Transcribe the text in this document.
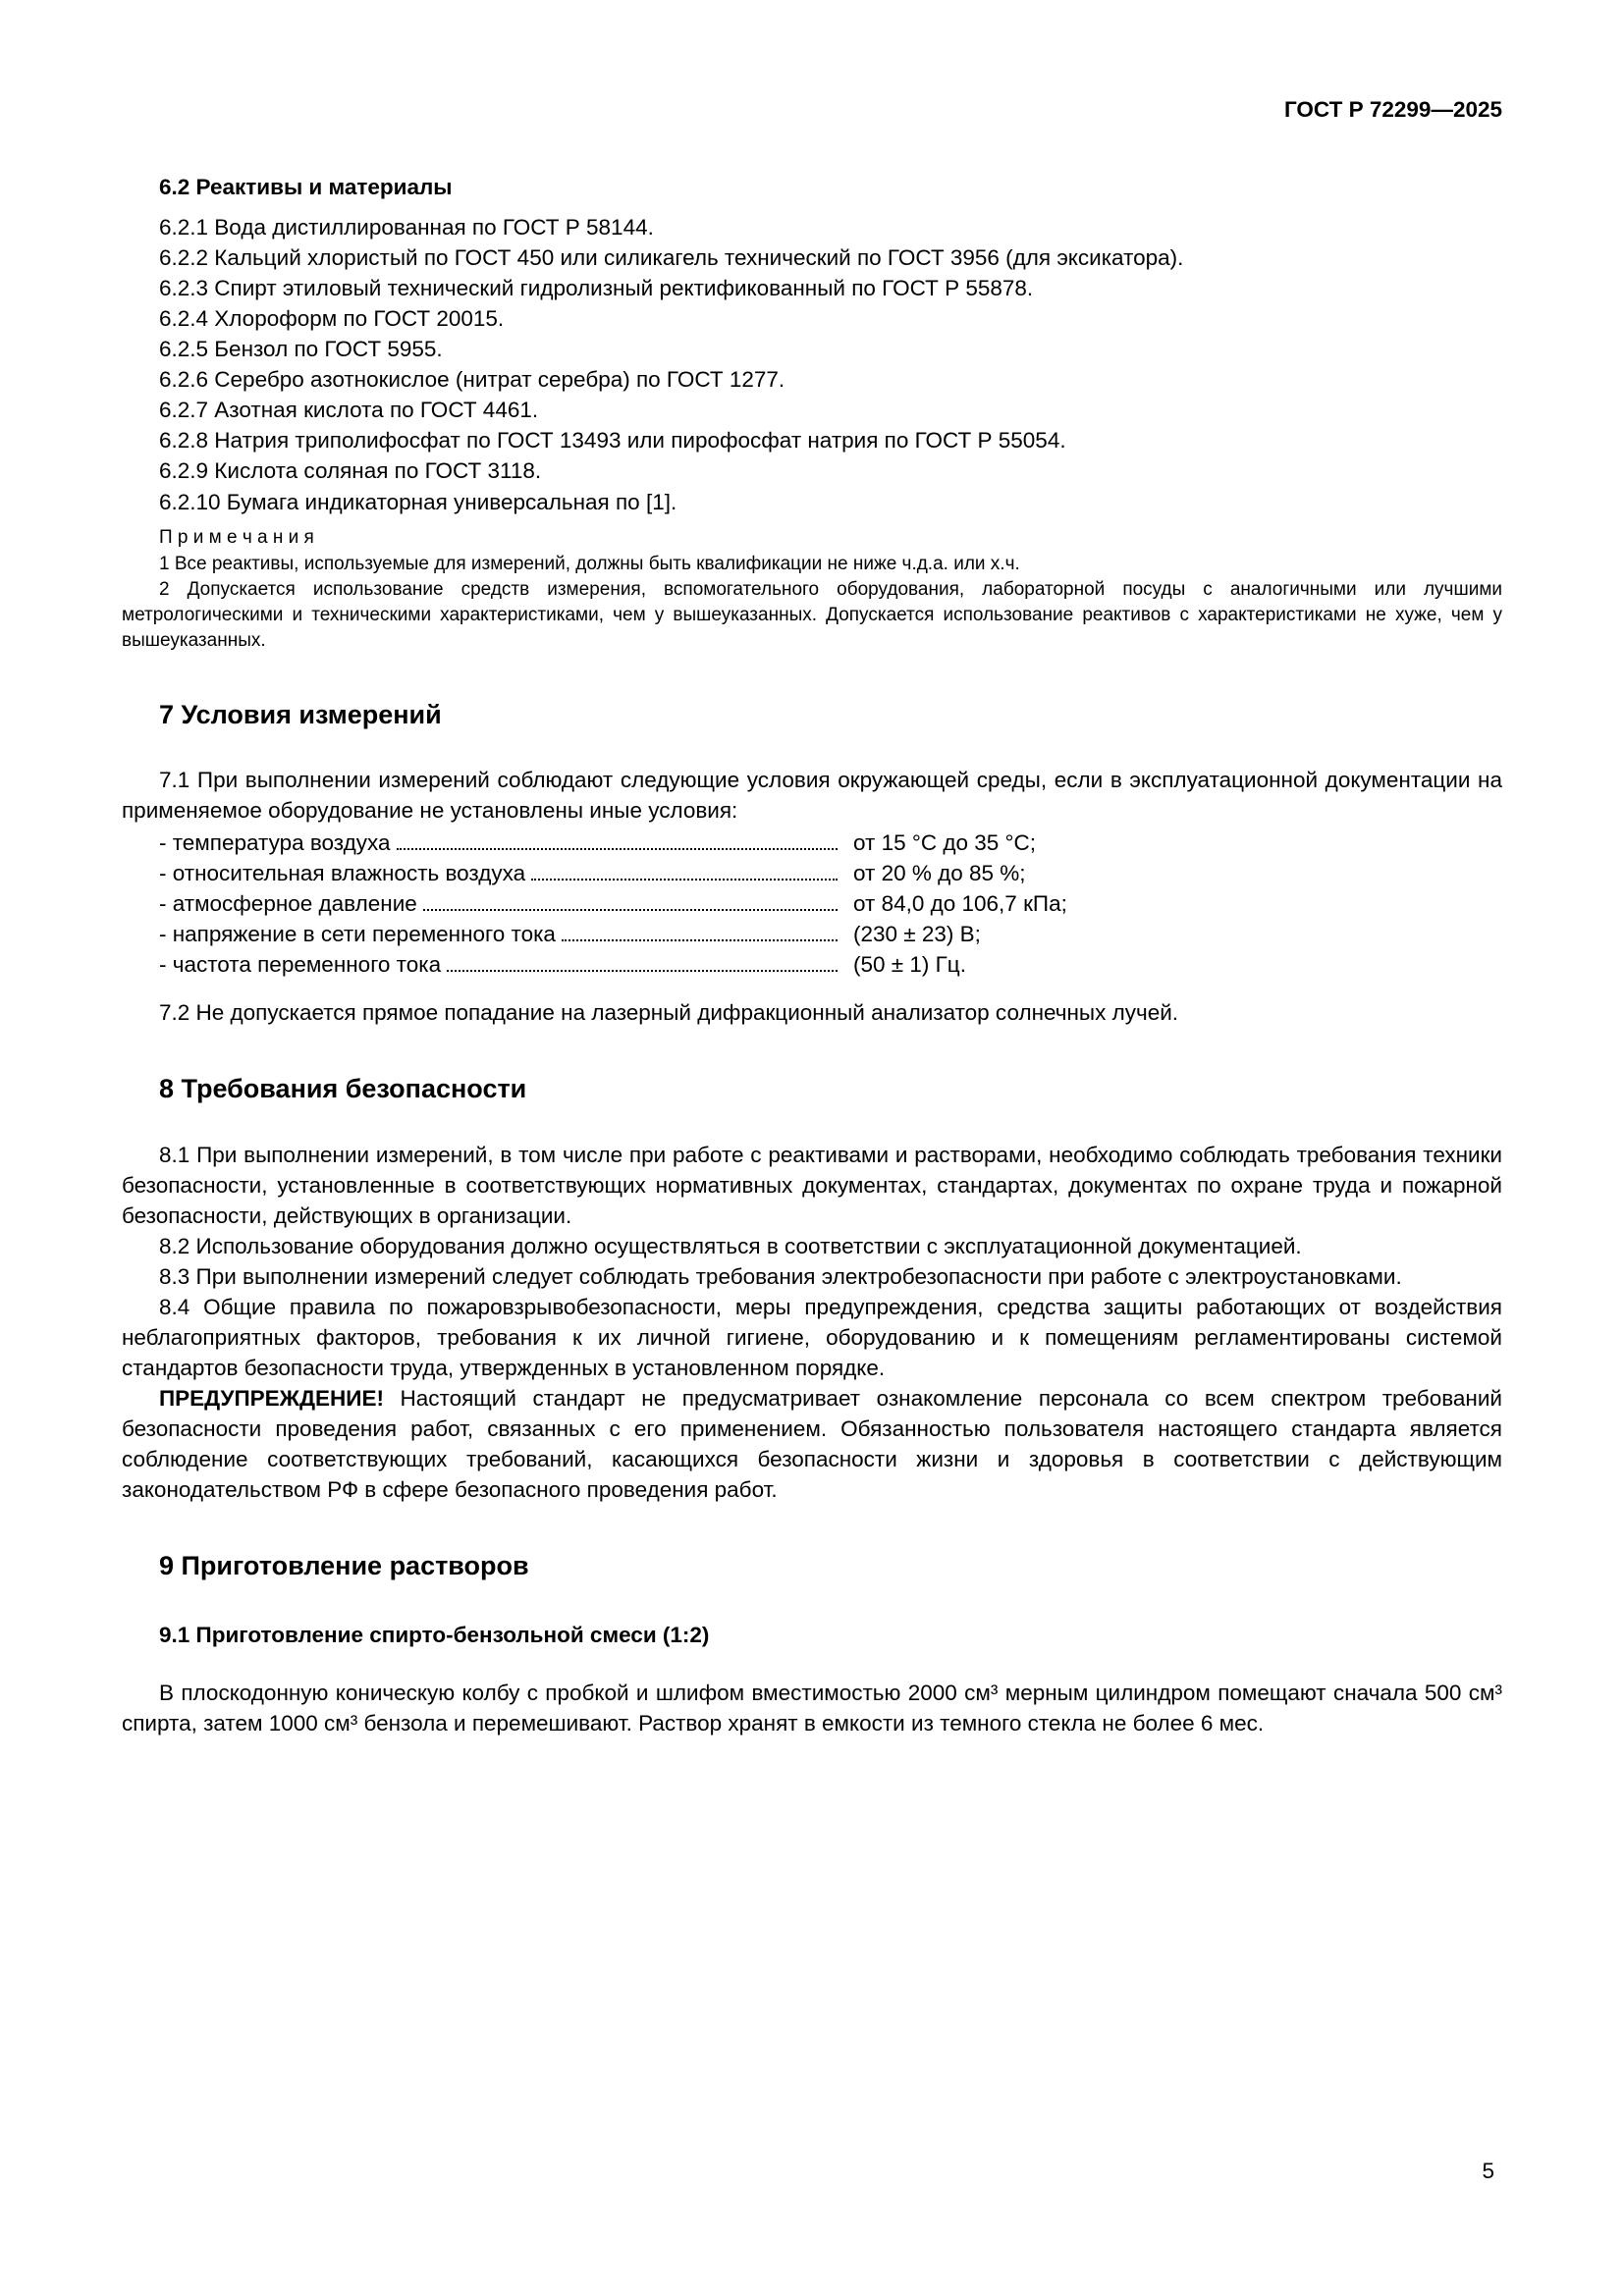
ГОСТ Р 72299—2025

6.2 Реактивы и материалы

6.2.1 Вода дистиллированная по ГОСТ Р 58144.

6.2.2 Кальций хлористый по ГОСТ 450 или силикагель технический по ГОСТ 3956 (для эксикатора).

6.2.3 Спирт этиловый технический гидролизный ректификованный по ГОСТ Р 55878.

6.2.4 Хлороформ по ГОСТ 20015.

6.2.5 Бензол по ГОСТ 5955.

6.2.6 Серебро азотнокислое (нитрат серебра) по ГОСТ 1277.

6.2.7 Азотная кислота по ГОСТ 4461.

6.2.8 Натрия триполифосфат по ГОСТ 13493 или пирофосфат натрия по ГОСТ Р 55054.

6.2.9 Кислота соляная по ГОСТ 3118.

6.2.10 Бумага индикаторная универсальная по [1].

П р и м е ч а н и я

1 Все реактивы, используемые для измерений, должны быть квалификации не ниже ч.д.а. или х.ч.

2 Допускается использование средств измерения, вспомогательного оборудования, лабораторной посуды с аналогичными или лучшими метрологическими и техническими характеристиками, чем у вышеуказанных. Допускается использование реактивов с характеристиками не хуже, чем у вышеуказанных.

7 Условия измерений

7.1 При выполнении измерений соблюдают следующие условия окружающей среды, если в эксплуатационной документации на применяемое оборудование не установлены иные условия:

- температура воздуха	от 15 °С до 35 °С;
- относительная влажность воздуха	от 20 % до 85 %;
- атмосферное давление	от 84,0 до 106,7 кПа;
- напряжение в сети переменного тока	(230 ± 23) В;
- частота переменного тока	(50 ± 1) Гц.

7.2 Не допускается прямое попадание на лазерный дифракционный анализатор солнечных лучей.

8 Требования безопасности

8.1 При выполнении измерений, в том числе при работе с реактивами и растворами, необходимо соблюдать требования техники безопасности, установленные в соответствующих нормативных документах, стандартах, документах по охране труда и пожарной безопасности, действующих в организации.

8.2 Использование оборудования должно осуществляться в соответствии с эксплуатационной документацией.

8.3 При выполнении измерений следует соблюдать требования электробезопасности при работе с электроустановками.

8.4 Общие правила по пожаровзрывобезопасности, меры предупреждения, средства защиты работающих от воздействия неблагоприятных факторов, требования к их личной гигиене, оборудованию и к помещениям регламентированы системой стандартов безопасности труда, утвержденных в установленном порядке.

ПРЕДУПРЕЖДЕНИЕ! Настоящий стандарт не предусматривает ознакомление персонала со всем спектром требований безопасности проведения работ, связанных с его применением. Обязанностью пользователя настоящего стандарта является соблюдение соответствующих требований, касающихся безопасности жизни и здоровья в соответствии с действующим законодательством РФ в сфере безопасного проведения работ.

9 Приготовление растворов
9.1 Приготовление спирто-бензольной смеси (1:2)

В плоскодонную коническую колбу с пробкой и шлифом вместимостью 2000 см³ мерным цилиндром помещают сначала 500 см³ спирта, затем 1000 см³ бензола и перемешивают. Раствор хранят в емкости из темного стекла не более 6 мес.

5
